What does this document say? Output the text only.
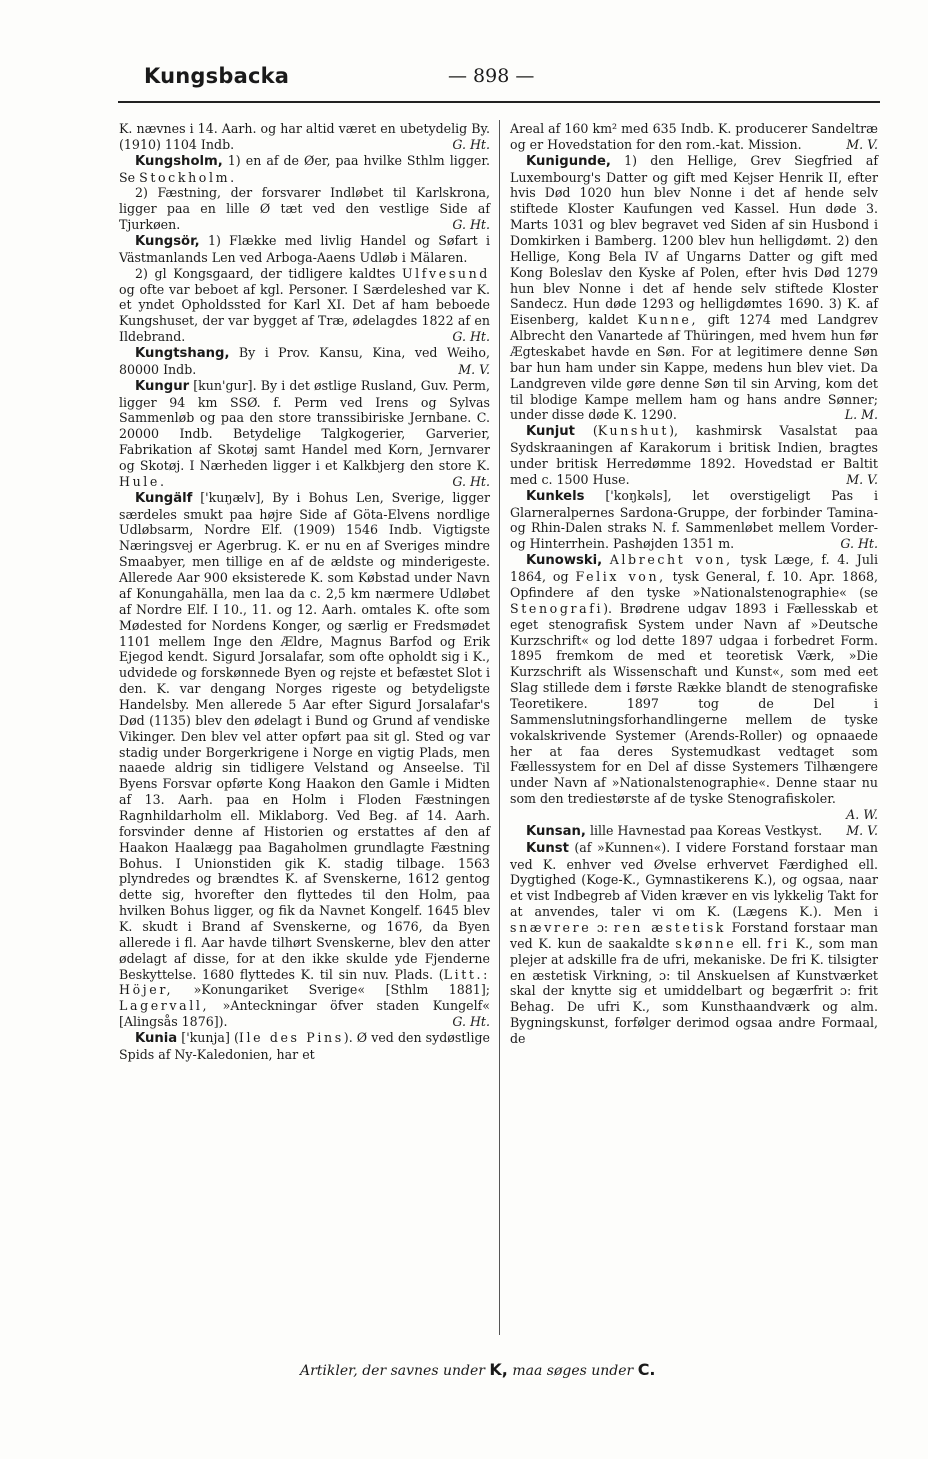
Kungsbacka	— 898 —

K. nævnes i 14. Aarh. og har altid været en ubetydelig By. (1910) 1104 Indb.	G. Ht.

Kungsholm, 1) en af de Øer, paa hvilke Sthlm ligger. Se Stockholm.

2) Fæstning, der forsvarer Indløbet til Karlskrona, ligger paa en lille Ø tæt ved den vestlige Side af Tjurkøen.	G. Ht.

Kungsör, 1) Flække med livlig Handel og Søfart i Västmanlands Len ved Arboga-Aaens Udløb i Mälaren.

2) gl Kongsgaard, der tidligere kaldtes Ulfvesund og ofte var beboet af kgl. Personer. I Særdeleshed var K. et yndet Opholdssted for Karl XI. Det af ham beboede Kungshuset, der var bygget af Træ, ødelagdes 1822 af en Ildebrand.	G. Ht.

Kungtshang, By i Prov. Kansu, Kina, ved Weiho, 80000 Indb.	M. V.

Kungur [kun'gur]. By i det østlige Rusland, Guv. Perm, ligger 94 km SSØ. f. Perm ved Irens og Sylvas Sammenløb og paa den store transsibiriske Jernbane. C. 20000 Indb. Betydelige Talgkogerier, Garverier, Fabrikation af Skotøj samt Handel med Korn, Jernvarer og Skotøj. I Nærheden ligger i et Kalkbjerg den store K. Hule.	G. Ht.

Kungälf ['kuŋælv], By i Bohus Len, Sverige, ligger særdeles smukt paa højre Side af Göta-Elvens nordlige Udløbsarm, Nordre Elf. (1909) 1546 Indb. Vigtigste Næringsvej er Agerbrug. K. er nu en af Sveriges mindre Smaabyer, men tillige en af de ældste og minderigeste. Allerede Aar 900 eksisterede K. som Købstad under Navn af Konungahälla, men laa da c. 2,5 km nærmere Udløbet af Nordre Elf. I 10., 11. og 12. Aarh. omtales K. ofte som Mødested for Nordens Konger, og særlig er Fredsmødet 1101 mellem Inge den Ældre, Magnus Barfod og Erik Ejegod kendt. Sigurd Jorsalafar, som ofte opholdt sig i K., udvidede og forskønnede Byen og rejste et befæstet Slot i den. K. var dengang Norges rigeste og betydeligste Handelsby. Men allerede 5 Aar efter Sigurd Jorsalafar's Død (1135) blev den ødelagt i Bund og Grund af vendiske Vikinger. Den blev vel atter opført paa sit gl. Sted og var stadig under Borgerkrigene i Norge en vigtig Plads, men naaede aldrig sin tidligere Velstand og Anseelse. Til Byens Forsvar opførte Kong Haakon den Gamle i Midten af 13. Aarh. paa en Holm i Floden Fæstningen Ragnhildarholm ell. Miklaborg. Ved Beg. af 14. Aarh. forsvinder denne af Historien og erstattes af den af Haakon Haalægg paa Bagaholmen grundlagte Fæstning Bohus. I Unionstiden gik K. stadig tilbage. 1563 plyndredes og brændtes K. af Svenskerne, 1612 gentog dette sig, hvorefter den flyttedes til den Holm, paa hvilken Bohus ligger, og fik da Navnet Kongelf. 1645 blev K. skudt i Brand af Svenskerne, og 1676, da Byen allerede i fl. Aar havde tilhørt Svenskerne, blev den atter ødelagt af disse, for at den ikke skulde yde Fjenderne Beskyttelse. 1680 flyttedes K. til sin nuv. Plads. (Litt.: Höjer, »Konungariket Sverige« [Sthlm 1881]; Lagervall, »Anteckningar öfver staden Kungelf« [Alingsås 1876]).	G. Ht.

Kunia ['kunja] (Ile des Pins). Ø ved den sydøstlige Spids af Ny-Kaledonien, har et

Areal af 160 km² med 635 Indb. K. producerer Sandeltræ og er Hovedstation for den rom.-kat. Mission.	M. V.

Kunigunde, 1) den Hellige, Grev Siegfried af Luxembourg's Datter og gift med Kejser Henrik II, efter hvis Død 1020 hun blev Nonne i det af hende selv stiftede Kloster Kaufungen ved Kassel. Hun døde 3. Marts 1031 og blev begravet ved Siden af sin Husbond i Domkirken i Bamberg. 1200 blev hun helligdømt. 2) den Hellige, Kong Bela IV af Ungarns Datter og gift med Kong Boleslav den Kyske af Polen, efter hvis Død 1279 hun blev Nonne i det af hende selv stiftede Kloster Sandecz. Hun døde 1293 og helligdømtes 1690. 3) K. af Eisenberg, kaldet Kunne, gift 1274 med Landgrev Albrecht den Vanartede af Thüringen, med hvem hun før Ægteskabet havde en Søn. For at legitimere denne Søn bar hun ham under sin Kappe, medens hun blev viet. Da Landgreven vilde gøre denne Søn til sin Arving, kom det til blodige Kampe mellem ham og hans andre Sønner; under disse døde K. 1290.	L. M.

Kunjut (Kunshut), kashmirsk Vasalstat paa Sydskraaningen af Karakorum i britisk Indien, bragtes under britisk Herredømme 1892. Hovedstad er Baltit med c. 1500 Huse.	M. V.

Kunkels ['koŋkəls], let overstigeligt Pas i Glarneralpernes Sardona-Gruppe, der forbinder Tamina- og Rhin-Dalen straks N. f. Sammenløbet mellem Vorder- og Hinterrhein. Pashøjden 1351 m.	G. Ht.

Kunowski, Albrecht von, tysk Læge, f. 4. Juli 1864, og Felix von, tysk General, f. 10. Apr. 1868, Opfindere af den tyske »Nationalstenographie« (se Stenografi). Brødrene udgav 1893 i Fællesskab et eget stenografisk System under Navn af »Deutsche Kurzschrift« og lod dette 1897 udgaa i forbedret Form. 1895 fremkom de med et teoretisk Værk, »Die Kurzschrift als Wissenschaft und Kunst«, som med eet Slag stillede dem i første Række blandt de stenografiske Teoretikere. 1897 tog de Del i Sammenslutningsforhandlingerne mellem de tyske vokalskrivende Systemer (Arends-Roller) og opnaaede her at faa deres Systemudkast vedtaget som Fællessystem for en Del af disse Systemers Tilhængere under Navn af »Nationalstenographie«. Denne staar nu som den trediestørste af de tyske Stenografiskoler.

A. W.

Kunsan, lille Havnestad paa Koreas Vestkyst. M. V.

Kunst (af »Kunnen«). I videre Forstand forstaar man ved K. enhver ved Øvelse erhvervet Færdighed ell. Dygtighed (Koge-K., Gymnastikerens K.), og ogsaa, naar et vist Indbegreb af Viden kræver en vis lykkelig Takt for at anvendes, taler vi om K. (Lægens K.). Men i snævrere ɔ: ren æstetisk Forstand forstaar man ved K. kun de saakaldte skønne ell. fri K., som man plejer at adskille fra de ufri, mekaniske. De fri K. tilsigter en æstetisk Virkning, ɔ: til Anskuelsen af Kunstværket skal der knytte sig et umiddelbart og begærfrit ɔ: frit Behag. De ufri K., som Kunsthaandværk og alm. Bygningskunst, forfølger derimod ogsaa andre Formaal, de

Artikler, der savnes under K, maa søges under C.
